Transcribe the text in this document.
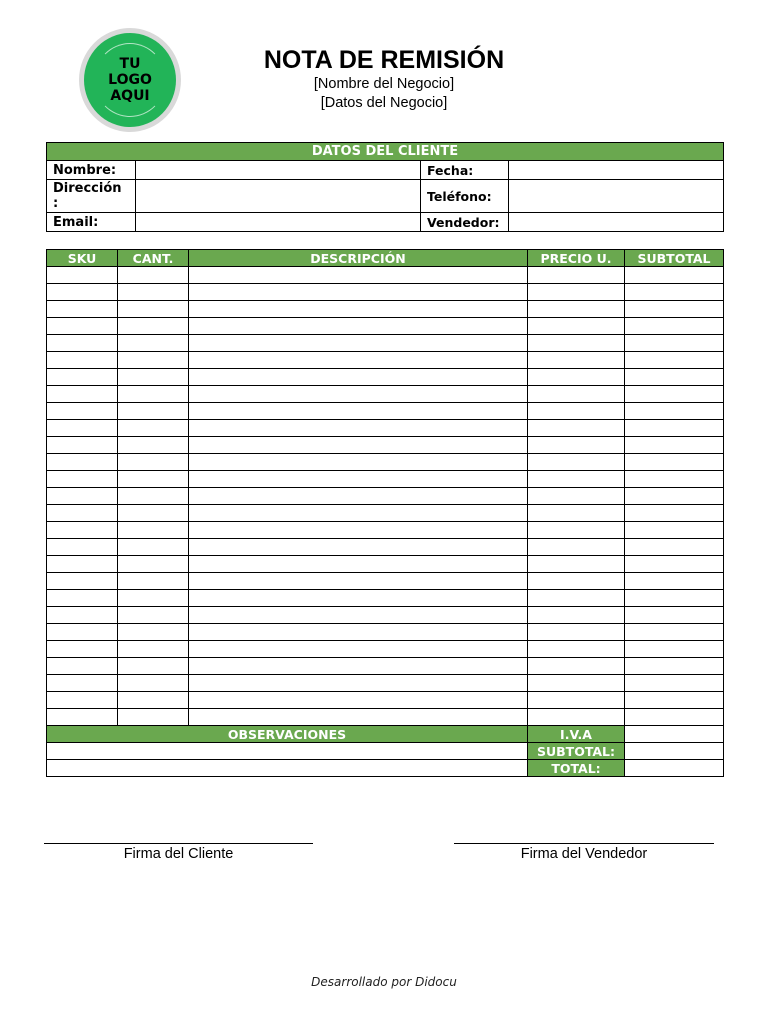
TU
LOGO
AQUI
NOTA DE REMISIÓN
[Nombre del Negocio]
[Datos del Negocio]
DATOS DEL CLIENTE			
Nombre:		Fecha:	
Dirección
:		Teléfono:	
Email:		Vendedor:	
SKU	CANT.	DESCRIPCIÓN	PRECIO U.	SUBTOTAL

OBSERVACIONES	I.V.A	
	SUBTOTAL:	
	TOTAL:	
Firma del Cliente	Firma del Vendedor
Desarrollado por Didocu
